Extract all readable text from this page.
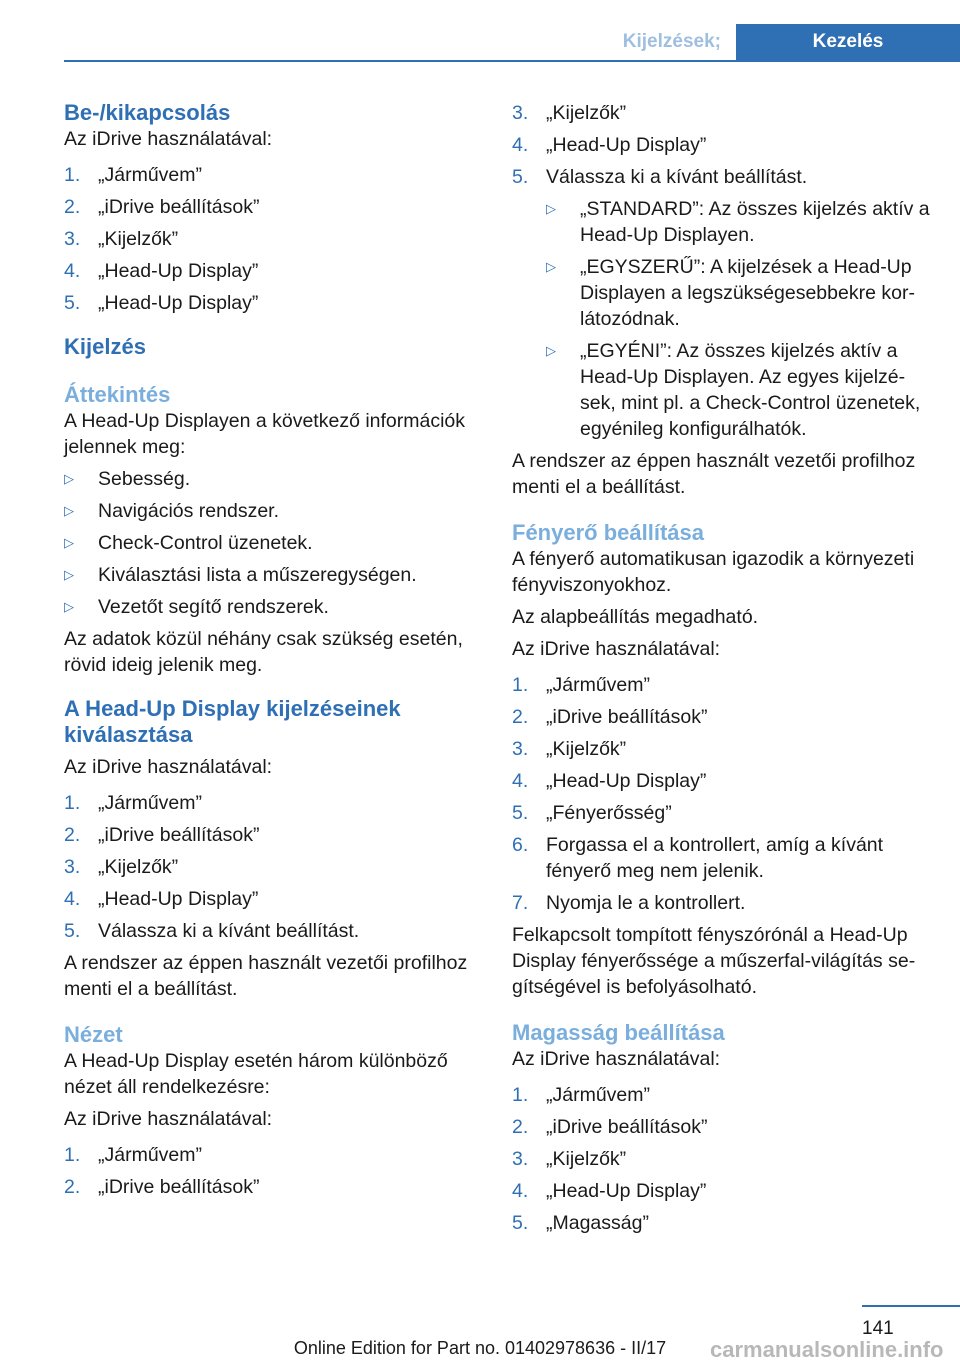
Kijelzések;	Kezelés
Be-/kikapcsolás
Az iDrive használatával:
1. „Járművem”
2. „iDrive beállítások”
3. „Kijelzők”
4. „Head-Up Display”
5. „Head-Up Display”
Kijelzés
Áttekintés
A Head-Up Displayen a következő információk jelennek meg:
▷	Sebesség.
▷	Navigációs rendszer.
▷	Check-Control üzenetek.
▷	Kiválasztási lista a műszeregységen.
▷	Vezetőt segítő rendszerek.
Az adatok közül néhány csak szükség esetén, rövid ideig jelenik meg.
A Head-Up Display kijelzéseinek kiválasztása
Az iDrive használatával:
1. „Járművem”
2. „iDrive beállítások”
3. „Kijelzők”
4. „Head-Up Display”
5. Válassza ki a kívánt beállítást.
A rendszer az éppen használt vezetői profilhoz menti el a beállítást.
Nézet
A Head-Up Display esetén három különböző nézet áll rendelkezésre:
Az iDrive használatával:
1. „Járművem”
2. „iDrive beállítások”
3. „Kijelzők”
4. „Head-Up Display”
5. Válassza ki a kívánt beállítást.
▷	„STANDARD”: Az összes kijelzés aktív a Head-Up Displayen.
▷	„EGYSZERŰ”: A kijelzések a Head-Up Displayen a legszükségesebbekre korlátozódnak.
▷	„EGYÉNI”: Az összes kijelzés aktív a Head-Up Displayen. Az egyes kijelzések, mint pl. a Check-Control üzenetek, egyénileg konfigurálhatók.
A rendszer az éppen használt vezetői profilhoz menti el a beállítást.
Fényerő beállítása
A fényerő automatikusan igazodik a környezeti fényviszonyokhoz.
Az alapbeállítás megadható.
Az iDrive használatával:
1. „Járművem”
2. „iDrive beállítások”
3. „Kijelzők”
4. „Head-Up Display”
5. „Fényerősség”
6. Forgassa el a kontrollert, amíg a kívánt fényerő meg nem jelenik.
7. Nyomja le a kontrollert.
Felkapcsolt tompított fényszórónál a Head-Up Display fényerőssége a műszerfal-világítás segítségével is befolyásolható.
Magasság beállítása
Az iDrive használatával:
1. „Járművem”
2. „iDrive beállítások”
3. „Kijelzők”
4. „Head-Up Display”
5. „Magasság”
141
carmanualsonline.info
Online Edition for Part no. 01402978636 - II/17
